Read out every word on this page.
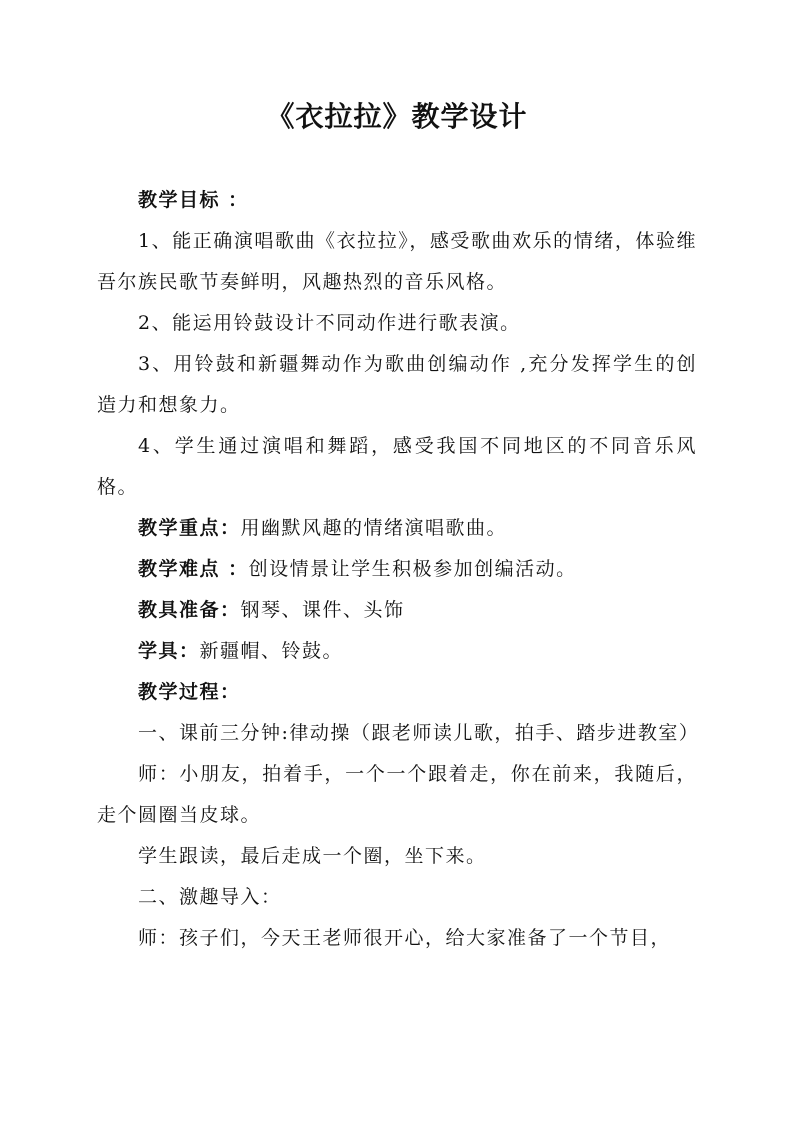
《衣拉拉》教学设计

教学目标 ：

1、能正确演唱歌曲《衣拉拉》，感受歌曲欢乐的情绪，体验维吾尔族民歌节奏鲜明，风趣热烈的音乐风格。

2、能运用铃鼓设计不同动作进行歌表演。

3、用铃鼓和新疆舞动作为歌曲创编动作 ,充分发挥学生的创造力和想象力。

4、学生通过演唱和舞蹈，感受我国不同地区的不同音乐风格。

教学重点：用幽默风趣的情绪演唱歌曲。

教学难点 ：创设情景让学生积极参加创编活动。

教具准备：钢琴、课件、头饰

学具：新疆帽、铃鼓。

教学过程：

一、课前三分钟:律动操（跟老师读儿歌，拍手、踏步进教室）

师：小朋友，拍着手，一个一个跟着走，你在前来，我随后，走个圆圈当皮球。

学生跟读，最后走成一个圈，坐下来。

二、激趣导入：

师：孩子们，今天王老师很开心，给大家准备了一个节目，
